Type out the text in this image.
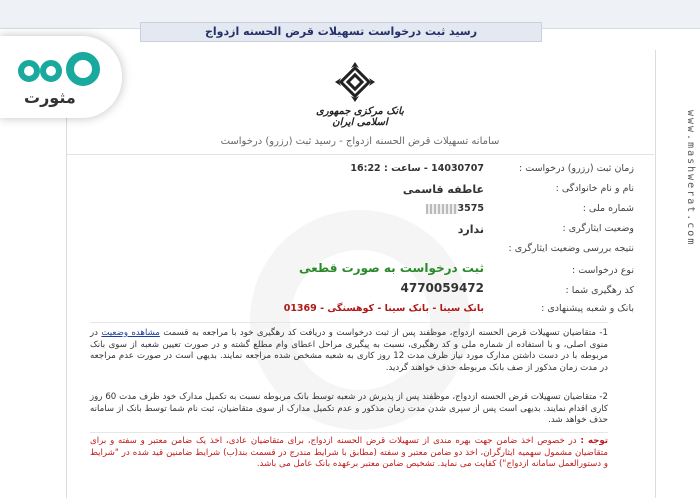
رسید ثبت درخواست تسهیلات قرض الحسنه ازدواج
مثورت
www.mashwerat.com
بانک مرکزی جمهوری اسلامی ایران
سامانه تسهیلات قرض الحسنه ازدواج - رسید ثبت (رزرو) درخواست
زمان ثبت (رزرو) درخواست :
14030707 - ساعت : 16:22
نام و نام خانوادگی :
عاطفه قاسمی
شماره ملی :
3575
وضعیت ایثارگری :
ندارد
نتیجه بررسی وضعیت ایثارگری :
نوع درخواست :
ثبت درخواست به صورت قطعی
کد رهگیری شما :
4770059472
بانک و شعبه پیشنهادی :
بانک سینا - بانک سینا - کوهسنگی - 01369
1- متقاضیان تسهیلات قرض الحسنه ازدواج، موظفند پس از ثبت درخواست و دریافت کد رهگیری خود با مراجعه به قسمت مشاهده وضعیت در منوی اصلی، و با استفاده از شماره ملی و کد رهگیری، نسبت به پیگیری مراحل اعطای وام مطلع گشته و در صورت تعیین شعبه از سوی بانک مربوطه با در دست داشتن مدارک مورد نیاز ظرف مدت 12 روز کاری به شعبه مشخص شده مراجعه نمایند. بدیهی است در صورت عدم مراجعه در مدت زمان مذکور از صف بانک مربوطه حذف خواهند گردید.
2- متقاضیان تسهیلات قرض الحسنه ازدواج، موظفند پس از پذیرش در شعبه توسط بانک مربوطه نسبت به تکمیل مدارک خود ظرف مدت 60 روز کاری اقدام نمایند. بدیهی است پس از سپری شدن مدت زمان مذکور و عدم تکمیل مدارک از سوی متقاضیان، ثبت نام شما توسط بانک از سامانه حذف خواهد شد.
توجه : در خصوص اخذ ضامن جهت بهره مندی از تسهیلات قرض الحسنه ازدواج، برای متقاضیان عادی، اخذ یک ضامن معتبر و سفته و برای متقاضیان مشمول سهمیه ایثارگران، اخذ دو ضامن معتبر و سفته (مطابق با شرایط مندرج در قسمت بند(ب) شرایط ضامنین قید شده در "شرایط و دستورالعمل سامانه ازدواج") کفایت می نماید. تشخیص ضامن معتبر برعهده بانک عامل می باشد.
